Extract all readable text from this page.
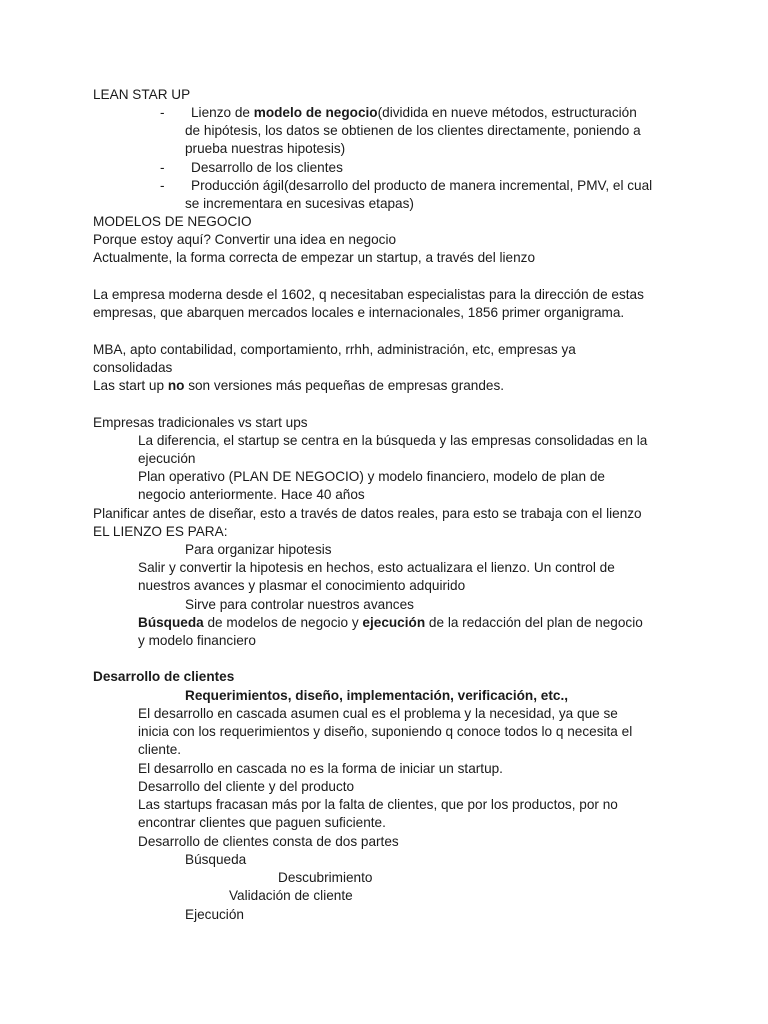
LEAN STAR UP
- Lienzo de modelo de negocio(dividida en nueve métodos, estructuración
de hipótesis, los datos se obtienen de los clientes directamente, poniendo a
prueba nuestras hipotesis)
- Desarrollo de los clientes
- Producción ágil(desarrollo del producto de manera incremental, PMV, el cual
se incrementara en sucesivas etapas)
MODELOS DE NEGOCIO
Porque estoy aquí? Convertir una idea en negocio
Actualmente, la forma correcta de empezar un startup, a través del lienzo
La empresa moderna desde el 1602, q necesitaban especialistas para la dirección de estas
empresas, que abarquen mercados locales e internacionales, 1856 primer organigrama.
MBA, apto contabilidad, comportamiento, rrhh, administración, etc, empresas ya
consolidadas
Las start up no son versiones más pequeñas de empresas grandes.
Empresas tradicionales vs start ups
La diferencia, el startup se centra en la búsqueda y las empresas consolidadas en la
ejecución
Plan operativo (PLAN DE NEGOCIO) y modelo financiero, modelo de plan de
negocio anteriormente. Hace 40 años
Planificar antes de diseñar, esto a través de datos reales, para esto se trabaja con el lienzo
EL LIENZO ES PARA:
Para organizar hipotesis
Salir y convertir la hipotesis en hechos, esto actualizara el lienzo. Un control de
nuestros avances y plasmar el conocimiento adquirido
Sirve para controlar nuestros avances
Búsqueda de modelos de negocio y ejecución de la redacción del plan de negocio
y modelo financiero
Desarrollo de clientes
Requerimientos, diseño, implementación, verificación, etc.,
El desarrollo en cascada asumen cual es el problema y la necesidad, ya que se
inicia con los requerimientos y diseño, suponiendo q conoce todos lo q necesita el
cliente.
El desarrollo en cascada no es la forma de iniciar un startup.
Desarrollo del cliente y del producto
Las startups fracasan más por la falta de clientes, que por los productos, por no
encontrar clientes que paguen suficiente.
Desarrollo de clientes consta de dos partes
Búsqueda
Descubrimiento
Validación de cliente
Ejecución
